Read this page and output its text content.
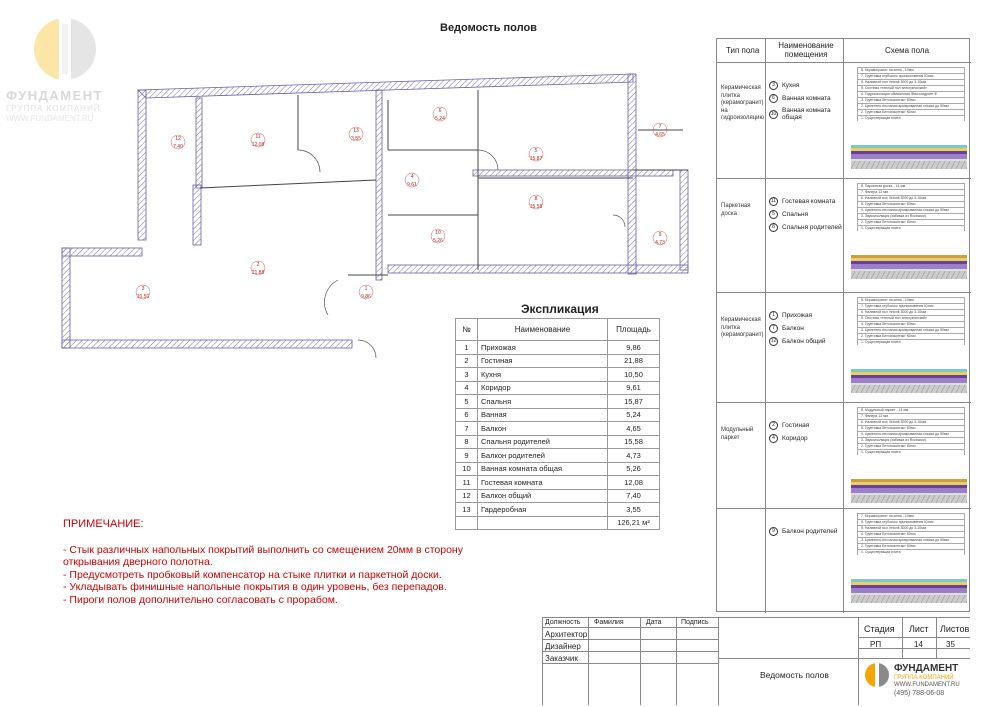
ФУНДАМЕНТ
ГРУППА КОМПАНИЙ
WWW.FUNDAMENT.RU
Ведомость полов
12
7.40
11
12.08
13
3.55
6
5.24
5
15.87
7
4.65
4
9.61
8
15.58
10
5.26
9
4.73
2
21.88
3
10.50
1
9.86
Экспликация
№	Наименование	Площадь
1	Прихожая	9,86
2	Гостиная	21,88
3	Кухня	10,50
4	Коридор	9,61
5	Спальня	15,87
6	Ванная	5,24
7	Балкон	4,65
8	Спальня родителей	15,58
9	Балкон родителей	4,73
10	Ванная комната общая	5,26
11	Гостевая комната	12,08
12	Балкон общий	7,40
13	Гардеробная	3,55
		126,21 м²
ПРИМЕЧАНИЕ:
- Стык различных напольных покрытий выполнить со смещением 20мм в сторону
открывания дверного полотна.
- Предусмотреть пробковый компенсатор на стыке плитки и паркетной доски.
- Укладывать финишные напольные покрытия в один уровень, без перепадов.
- Пироги полов дополнительно согласовать с прорабом.
Тип пола
Наименование помещения	Схема пола
Керамическая плитка (керамогранит) на гидроизоляцию
3	Кухня
6	Ванная комната
10 Ванная комната общая
8. Керамогранит на клею - 10мм
7. Грунтовка глубокого проникновения Юнис
6. Наливной пол Vetonit 3000 до 3-10мм
5. Система «теплый пол электрический»
4. Гидроизоляция обмазочная Фиксогидрант Ф
3. Грунтовка Бетоноконтакт Юнис
2. Цементно-песчаная армированная стяжка до 50мм
2. Грунтовка Бетоноконтакт Юнис
1. Существующая плита
Паркетная доска
11 Гостевая комната
5	Спальня
8	Спальня родителей
8. Паркетная доска - 14 мм
7. Фанера 12 мм
6. Наливной пол Vetonit 3000 до 3-10мм
5. Грунтовка Бетоноконтакт Юнис
4. Цементно-песчаная армированная стяжка до 50мм
3. Звукоизоляция (забивка из Rockwool)
2. Грунтовка Бетоноконтакт Юнис
1. Существующая плита
Керамическая плитка (керамогранит)
1	Прихожая
7	Балкон
12 Балкон общий
8. Керамогранит на клею - 10мм
7. Грунтовка глубокого проникновения Юнис
6. Наливной пол Vetonit 3000 до 3-10мм
5. Система «теплый пол электрический»
4. Грунтовка Бетоноконтакт Юнис
3. Цементно-песчаная армированная стяжка до 50мм
2. Грунтовка Бетоноконтакт Юнис
1. Существующая плита
Модульный паркет
2	Гостиная
4	Коридор
8. Модульный паркет - 14 мм
7. Фанера 12 мм
6. Наливной пол Vetonit 3000 до 3-10мм
5. Грунтовка Бетоноконтакт Юнис
4. Цементно-песчаная армированная стяжка до 50мм
3. Звукоизоляция (забивка из Rockwool)
2. Грунтовка Бетоноконтакт Юнис
1. Существующая плита
9	Балкон родителей
7. Керамогранит на клею - 10мм
6. Грунтовка глубокого проникновения Юнис
5. Наливной пол Vetonit 3000 до 3-10мм
4. Грунтовка Бетоноконтакт Юнис
3. Цементно-песчаная армированная стяжка до 50мм
2. Грунтовка Бетоноконтакт Юнис
1. Существующая плита
Должность Фамилия	Дата	Подпись
Архитектор
Дизайнер
Заказчик
Стадия Лист Листов
РП	14	35
Ведомость полов
ФУНДАМЕНТ
ГРУППА КОМПАНИЙ
WWW.FUNDAMENT.RU
(495) 788-06-08
